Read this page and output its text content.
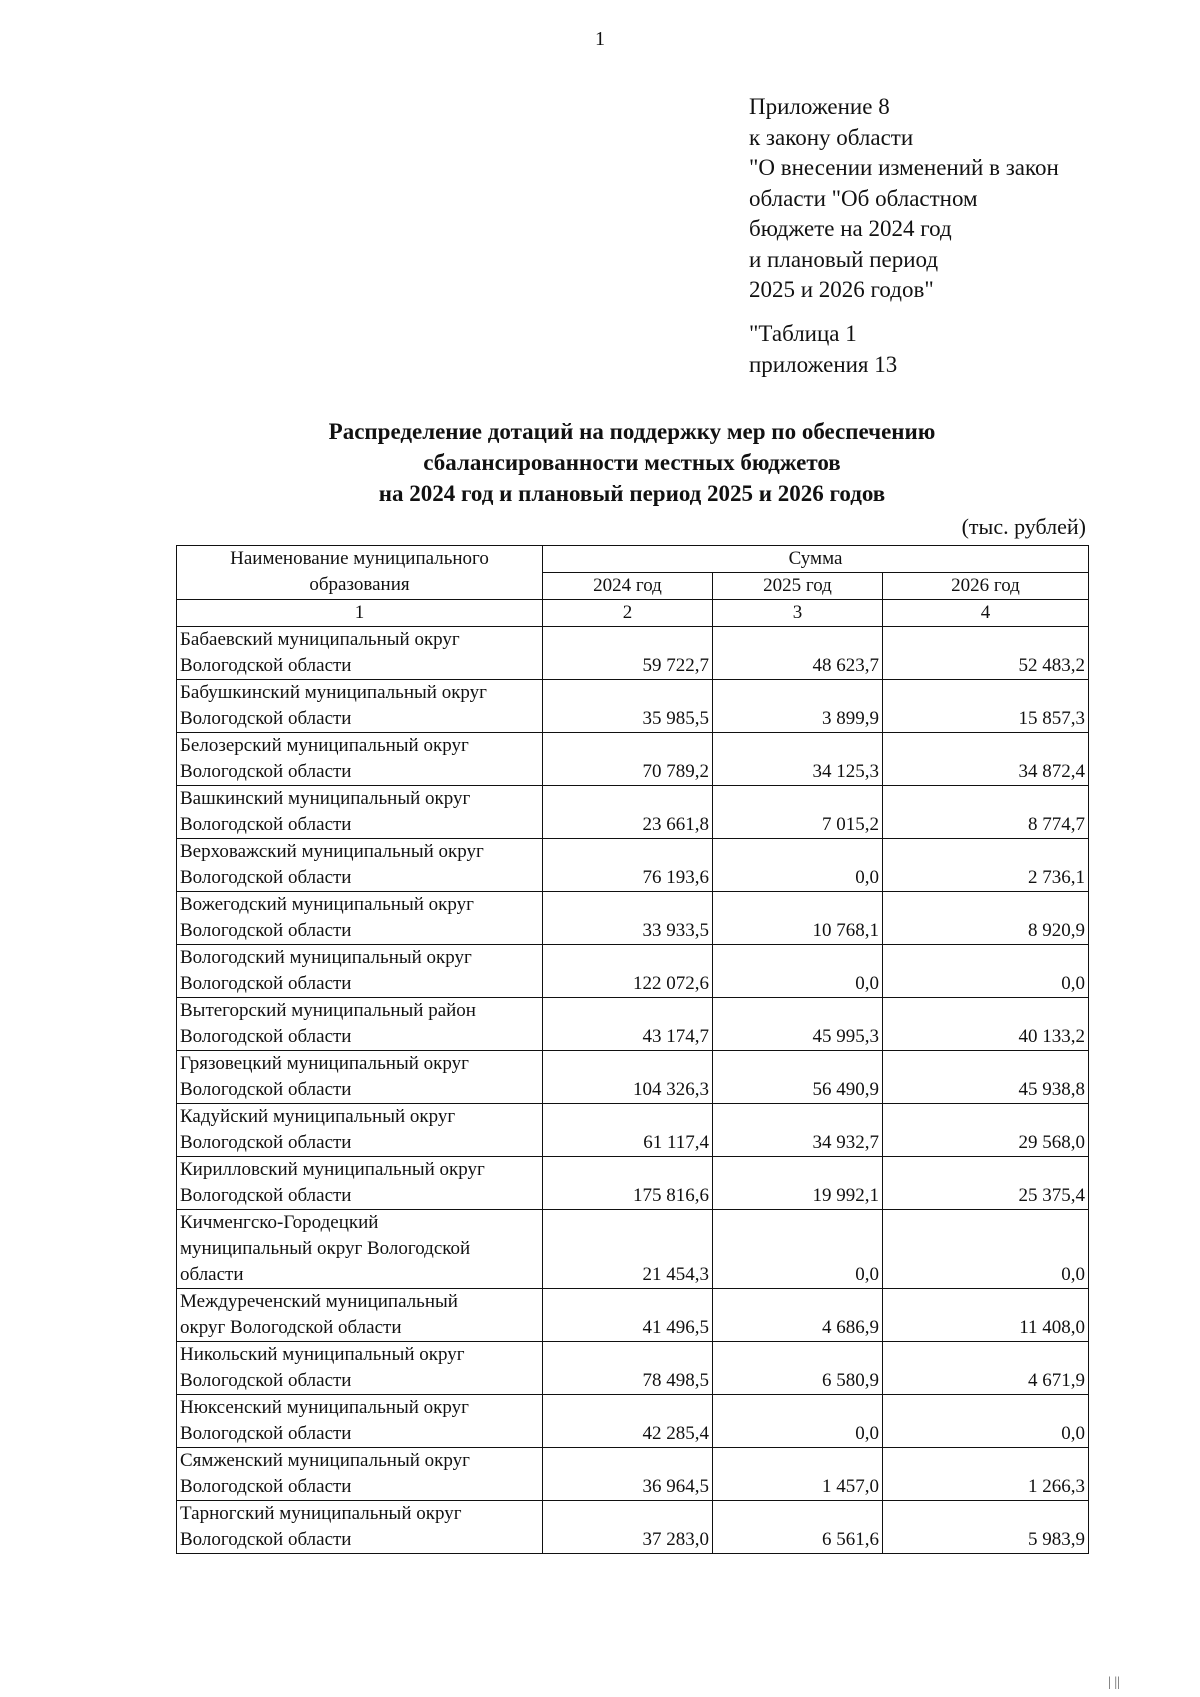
1
Приложение 8
к закону области
"О внесении изменений в закон
области "Об областном
бюджете на 2024 год
и плановый период
2025 и 2026 годов"
"Таблица 1
приложения 13
Распределение дотаций на поддержку мер по обеспечению
сбалансированности местных бюджетов
на 2024 год и плановый период 2025 и 2026 годов
(тыс. рублей)
Наименование муниципального образования	Сумма		
	2024 год	2025 год	2026 год
1	2	3	4

Бабаевский муниципальный округ
Вологодской области	59 722,7	48 623,7	52 483,2

Бабушкинский муниципальный округ
Вологодской области	35 985,5	3 899,9	15 857,3

Белозерский муниципальный округ
Вологодской области	70 789,2	34 125,3	34 872,4

Вашкинский муниципальный округ
Вологодской области	23 661,8	7 015,2	8 774,7

Верховажский муниципальный округ
Вологодской области	76 193,6	0,0	2 736,1

Вожегодский муниципальный округ
Вологодской области	33 933,5	10 768,1	8 920,9

Вологодский муниципальный округ
Вологодской области	122 072,6	0,0	0,0

Вытегорский муниципальный район
Вологодской области	43 174,7	45 995,3	40 133,2

Грязовецкий муниципальный округ
Вологодской области	104 326,3	56 490,9	45 938,8

Кадуйский муниципальный округ
Вологодской области	61 117,4	34 932,7	29 568,0

Кирилловский муниципальный округ
Вологодской области	175 816,6	19 992,1	25 375,4

Кичменгско-Городецкий
муниципальный округ Вологодской
области	21 454,3	0,0	0,0

Междуреченский муниципальный
округ Вологодской области	41 496,5	4 686,9	11 408,0

Никольский муниципальный округ
Вологодской области	78 498,5	6 580,9	4 671,9

Нюксенский муниципальный округ
Вологодской области	42 285,4	0,0	0,0

Сямженский муниципальный округ
Вологодской области	36 964,5	1 457,0	1 266,3

Тарногский муниципальный округ
Вологодской области	37 283,0	6 561,6	5 983,9
| ||
